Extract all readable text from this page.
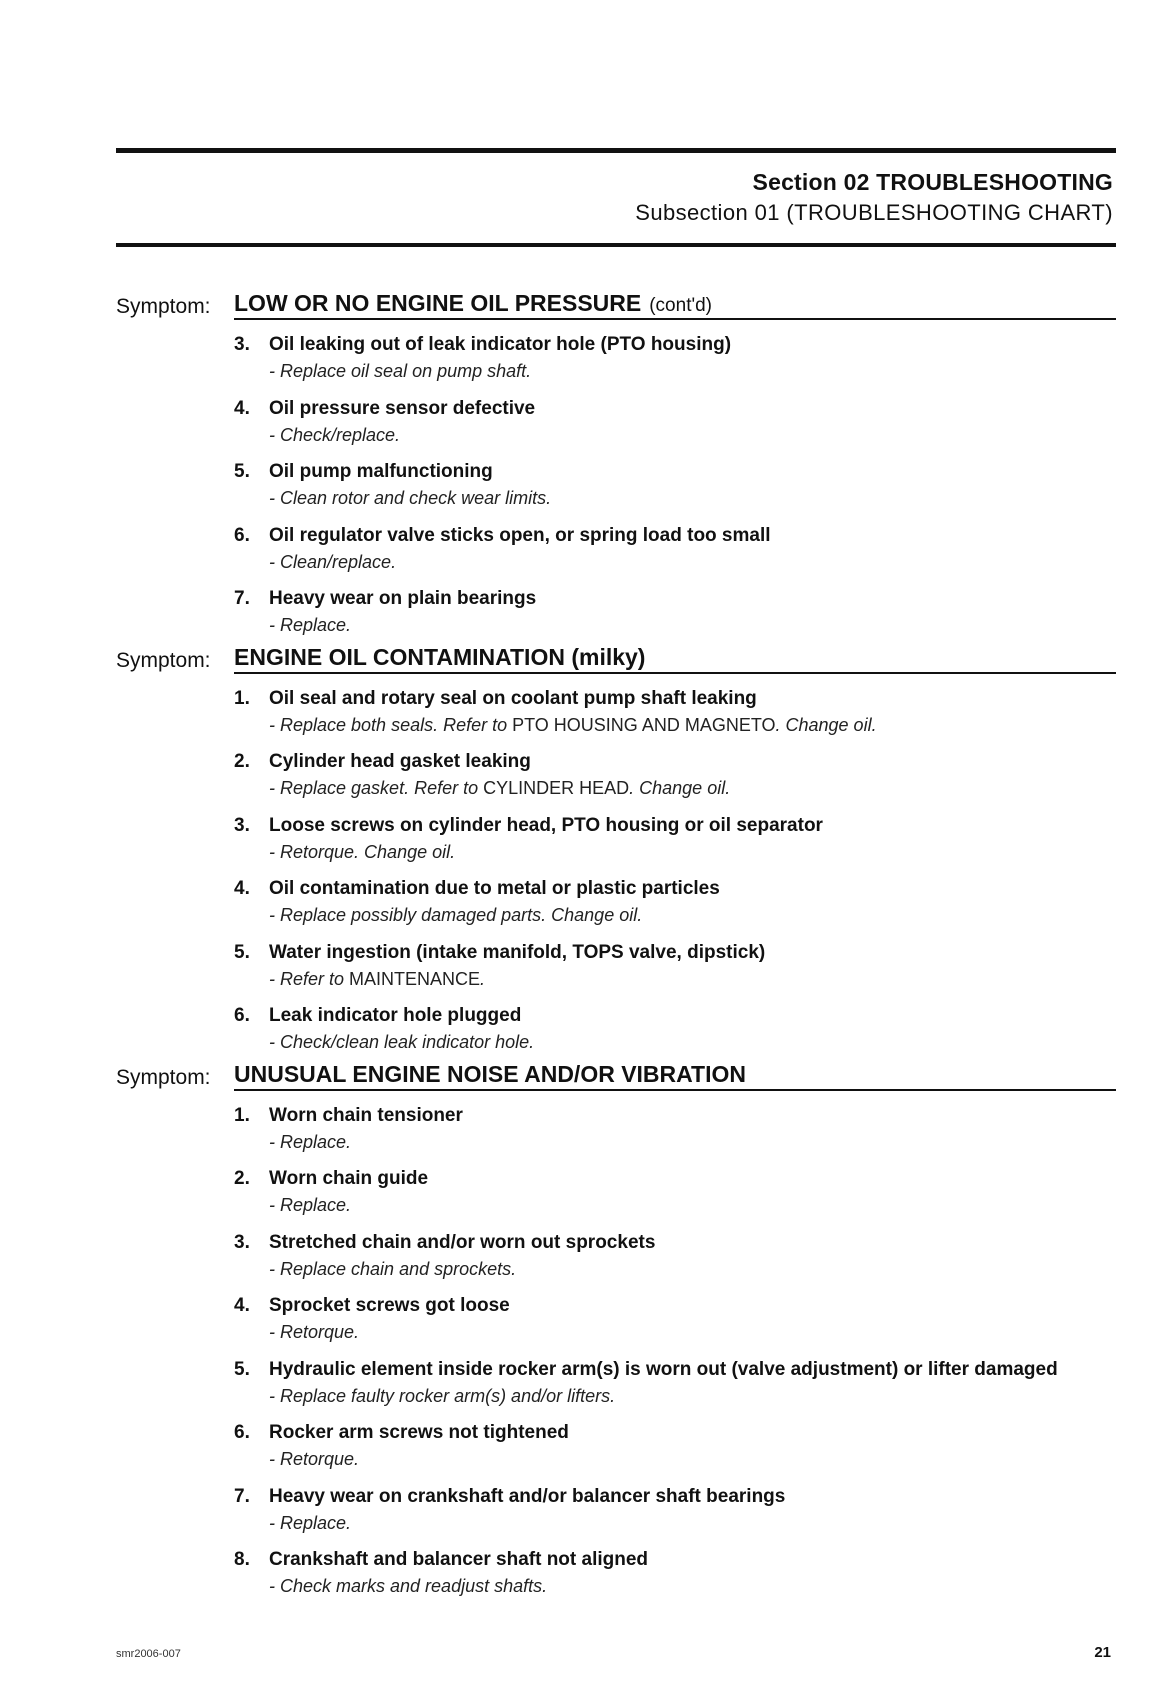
Section 02 TROUBLESHOOTING
Subsection 01 (TROUBLESHOOTING CHART)
Symptom:	LOW OR NO ENGINE OIL PRESSURE (cont'd)
3. Oil leaking out of leak indicator hole (PTO housing)
- Replace oil seal on pump shaft.
4. Oil pressure sensor defective
- Check/replace.
5. Oil pump malfunctioning
- Clean rotor and check wear limits.
6. Oil regulator valve sticks open, or spring load too small
- Clean/replace.
7. Heavy wear on plain bearings
- Replace.
Symptom:	ENGINE OIL CONTAMINATION (milky)
1. Oil seal and rotary seal on coolant pump shaft leaking
- Replace both seals. Refer to PTO HOUSING AND MAGNETO. Change oil.
2. Cylinder head gasket leaking
- Replace gasket. Refer to CYLINDER HEAD. Change oil.
3. Loose screws on cylinder head, PTO housing or oil separator
- Retorque. Change oil.
4. Oil contamination due to metal or plastic particles
- Replace possibly damaged parts. Change oil.
5. Water ingestion (intake manifold, TOPS valve, dipstick)
- Refer to MAINTENANCE.
6. Leak indicator hole plugged
- Check/clean leak indicator hole.
Symptom:	UNUSUAL ENGINE NOISE AND/OR VIBRATION
1. Worn chain tensioner
- Replace.
2. Worn chain guide
- Replace.
3. Stretched chain and/or worn out sprockets
- Replace chain and sprockets.
4. Sprocket screws got loose
- Retorque.
5. Hydraulic element inside rocker arm(s) is worn out (valve adjustment) or lifter damaged
- Replace faulty rocker arm(s) and/or lifters.
6. Rocker arm screws not tightened
- Retorque.
7. Heavy wear on crankshaft and/or balancer shaft bearings
- Replace.
8. Crankshaft and balancer shaft not aligned
- Check marks and readjust shafts.
smr2006-007	21
